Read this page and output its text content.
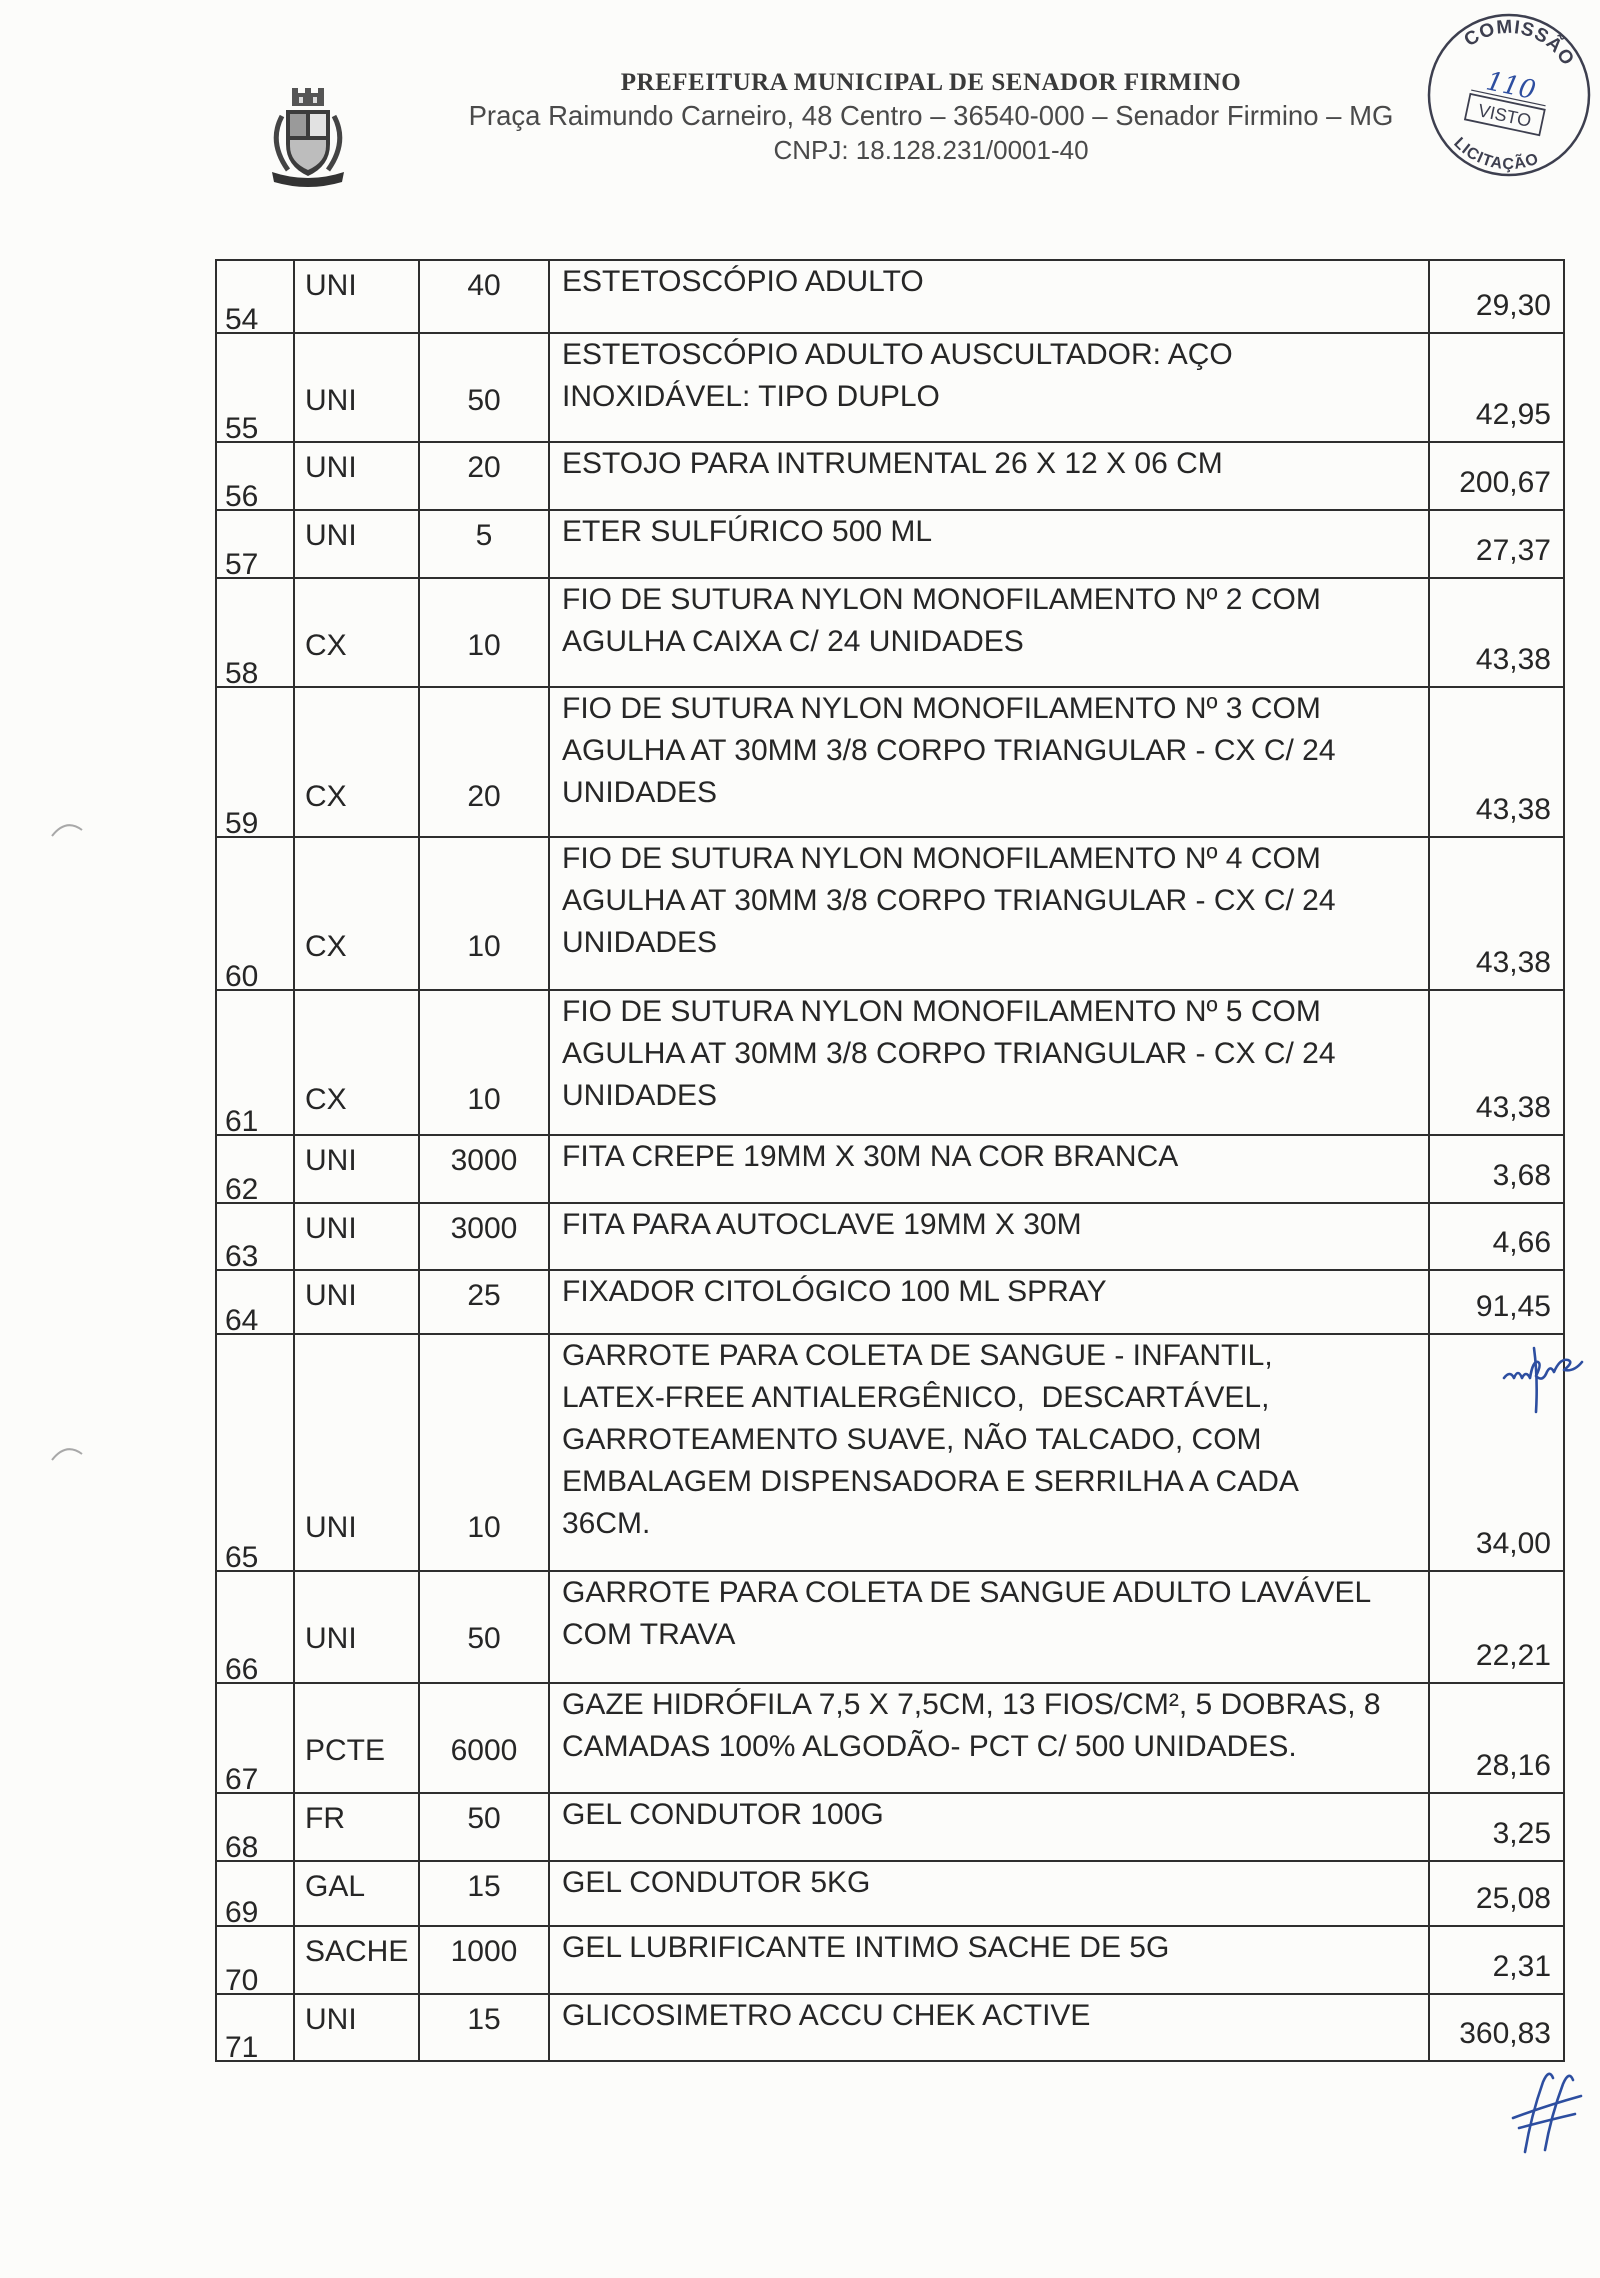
PREFEITURA MUNICIPAL DE SENADOR FIRMINO
Praça Raimundo Carneiro, 48 Centro – 36540-000 – Senador Firmino – MG
CNPJ: 18.128.231/0001-40
COMISSÃO
LICITAÇÃO
110
VISTO
54
UNI	40	ESTETOSCÓPIO ADULTO
29,30
55
UNI	50
ESTETOSCÓPIO ADULTO AUSCULTADOR: AÇO
INOXIDÁVEL: TIPO DUPLO
42,95
56
UNI	20	ESTOJO PARA INTRUMENTAL 26 X 12 X 06 CM
200,67
57
UNI	5	ETER SULFÚRICO 500 ML
27,37
58
CX	10
FIO DE SUTURA NYLON MONOFILAMENTO Nº 2 COM
AGULHA CAIXA C/ 24 UNIDADES
43,38
59
CX	20
FIO DE SUTURA NYLON MONOFILAMENTO Nº 3 COM
AGULHA AT 30MM 3/8 CORPO TRIANGULAR - CX C/ 24
UNIDADES
43,38
60
CX	10
FIO DE SUTURA NYLON MONOFILAMENTO Nº 4 COM
AGULHA AT 30MM 3/8 CORPO TRIANGULAR - CX C/ 24
UNIDADES
43,38
61
CX	10
FIO DE SUTURA NYLON MONOFILAMENTO Nº 5 COM
AGULHA AT 30MM 3/8 CORPO TRIANGULAR - CX C/ 24
UNIDADES	43,38
62
UNI	3000	FITA CREPE 19MM X 30M NA COR BRANCA
3,68
63
UNI	3000	FITA PARA AUTOCLAVE 19MM X 30M
4,66
64
UNI	25	FIXADOR CITOLÓGICO 100 ML SPRAY	91,45
65
UNI	10
GARROTE PARA COLETA DE SANGUE - INFANTIL,
LATEX-FREE ANTIALERGÊNICO,  DESCARTÁVEL,
GARROTEAMENTO SUAVE, NÃO TALCADO, COM
EMBALAGEM DISPENSADORA E SERRILHA A CADA
36CM.
34,00
66
UNI	50
GARROTE PARA COLETA DE SANGUE ADULTO LAVÁVEL
COM TRAVA
22,21
67
PCTE	6000
GAZE HIDRÓFILA 7,5 X 7,5CM, 13 FIOS/CM², 5 DOBRAS, 8
CAMADAS 100% ALGODÃO- PCT C/ 500 UNIDADES.
28,16
68
FR	50	GEL CONDUTOR 100G
3,25
69
GAL	15	GEL CONDUTOR 5KG	25,08
70
SACHE	1000	GEL LUBRIFICANTE INTIMO SACHE DE 5G
2,31
71
UNI	15	GLICOSIMETRO ACCU CHEK ACTIVE
360,83
